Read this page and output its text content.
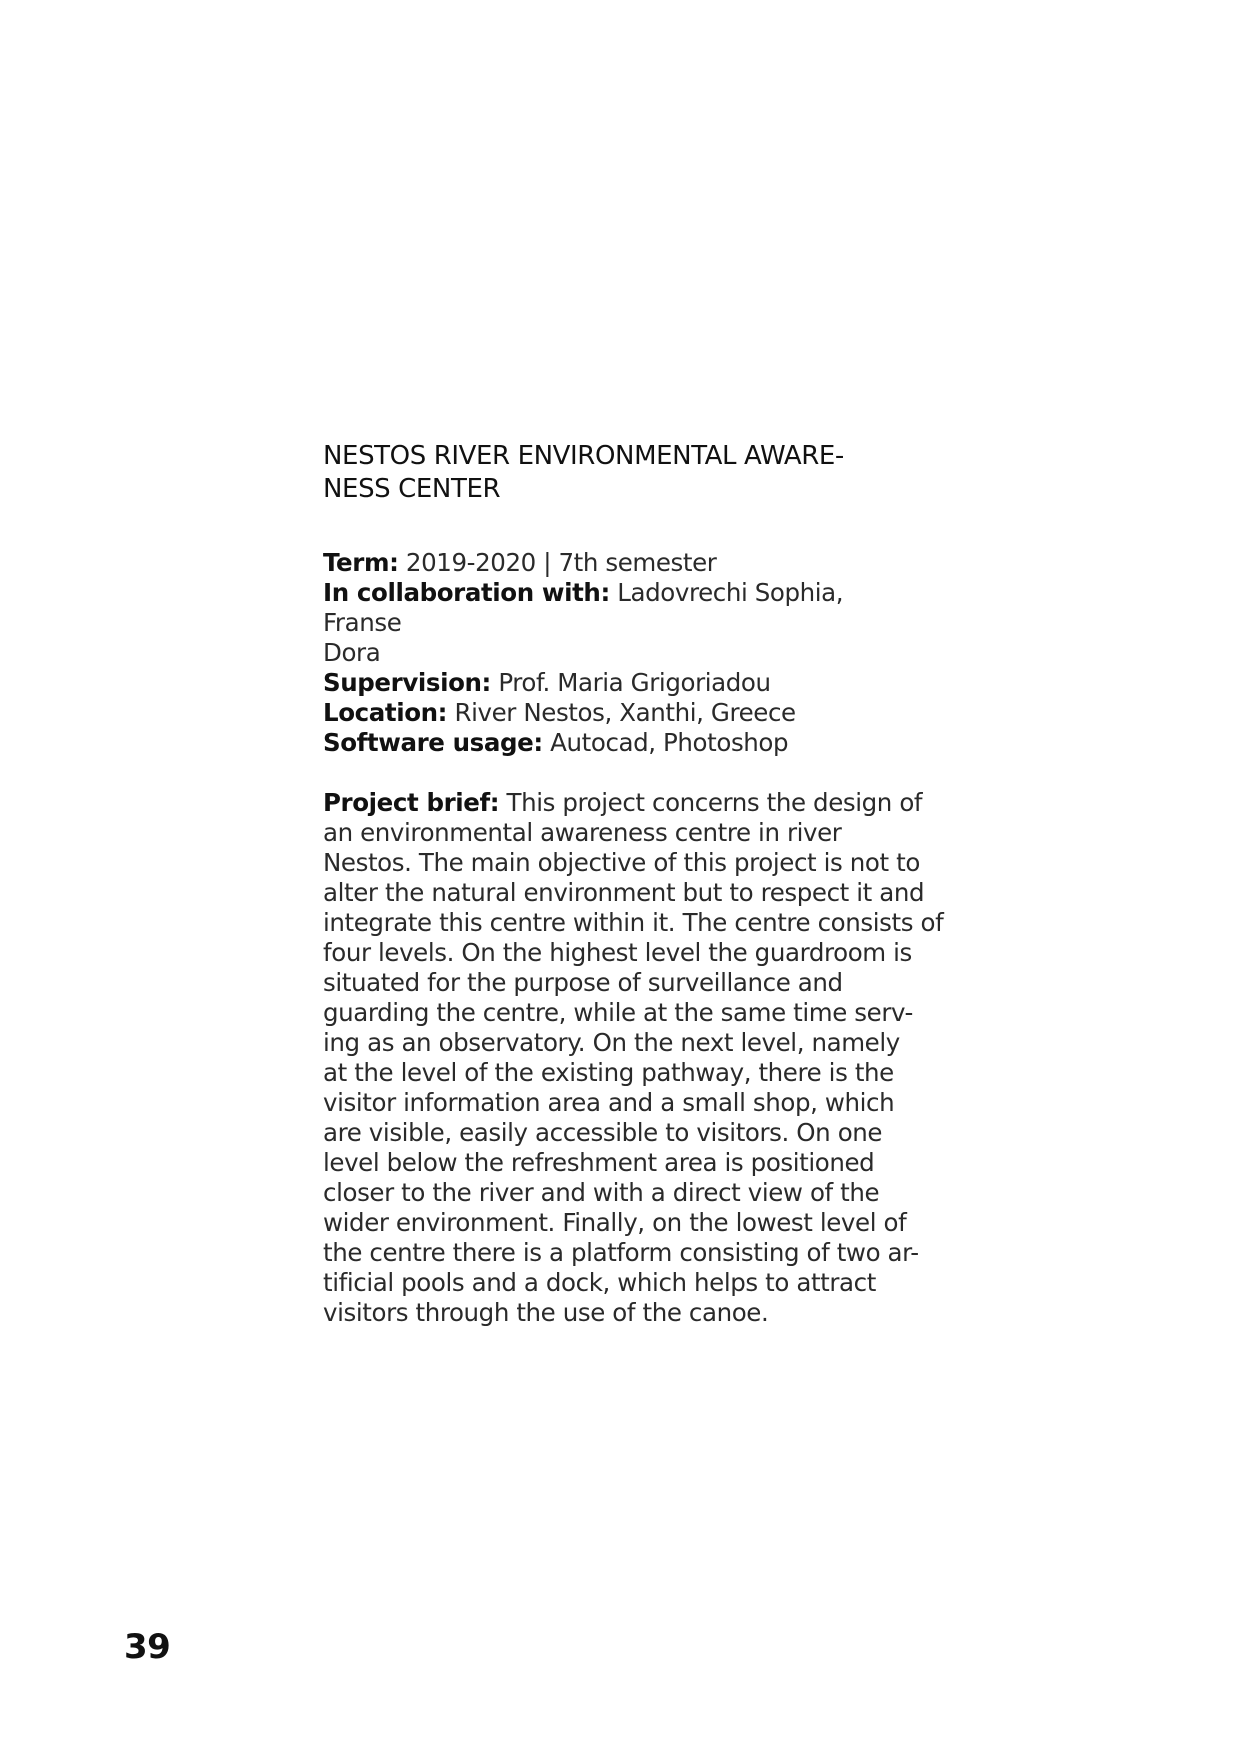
NESTOS RIVER ENVIRONMENTAL AWARE-
NESS CENTER
Term: 2019-2020 | 7th semester
In collaboration with: Ladovrechi Sophia, Franse
Dora
Supervision: Prof. Maria Grigoriadou
Location: River Nestos, Xanthi, Greece
Software usage: Autocad, Photoshop
Project brief: This project concerns the design of
an environmental awareness centre in river
Nestos. The main objective of this project is not to
alter the natural environment but to respect it and
integrate this centre within it. The centre consists of
four levels. On the highest level the guardroom is
situated for the purpose of surveillance and
guarding the centre, while at the same time serv-
ing as an observatory. On the next level, namely
at the level of the existing pathway, there is the
visitor information area and a small shop, which
are visible, easily accessible to visitors. On one
level below the refreshment area is positioned
closer to the river and with a direct view of the
wider environment. Finally, on the lowest level of
the centre there is a platform consisting of two ar-
tificial pools and a dock, which helps to attract
visitors through the use of the canoe.
39
